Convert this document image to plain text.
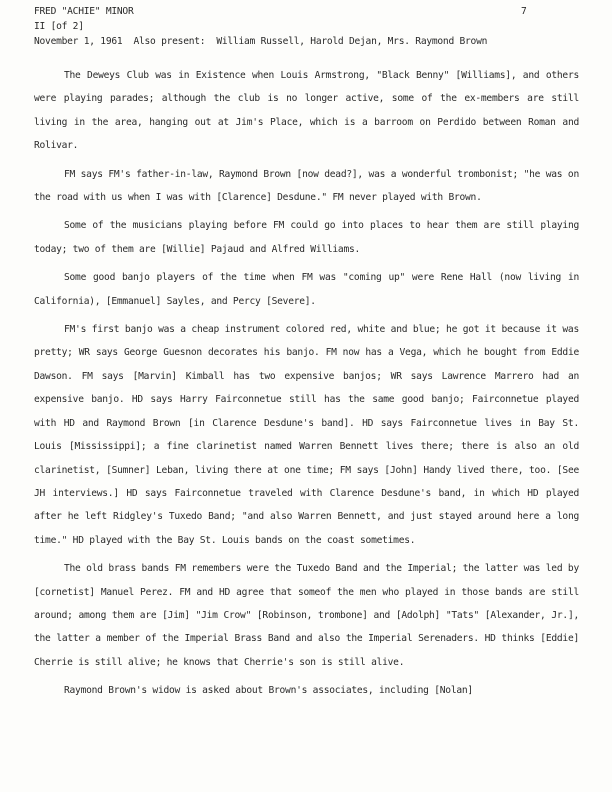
FRED "ACHIE" MINOR	7
II [of 2]
November 1, 1961  Also present:  William Russell, Harold Dejan, Mrs. Raymond Brown

The Deweys Club was in Existence when Louis Armstrong, "Black Benny" [Williams], and others were playing parades; although the club is no longer active, some of the ex-members are still living in the area, hanging out at Jim's Place, which is a barroom on Perdido between Roman and Rolivar.

FM says FM's father-in-law, Raymond Brown [now dead?], was a wonderful trombonist; "he was on the road with us when I was with [Clarence] Desdune." FM never played with Brown.

Some of the musicians playing before FM could go into places to hear them are still playing today; two of them are [Willie] Pajaud and Alfred Williams.

Some good banjo players of the time when FM was "coming up" were Rene Hall (now living in California), [Emmanuel] Sayles, and Percy [Severe].

FM's first banjo was a cheap instrument colored red, white and blue; he got it because it was pretty; WR says George Guesnon decorates his banjo. FM now has a Vega, which he bought from Eddie Dawson. FM says [Marvin] Kimball has two expensive banjos; WR says Lawrence Marrero had an expensive banjo. HD says Harry Fairconnetue still has the same good banjo; Fairconnetue played with HD and Raymond Brown [in Clarence Desdune's band]. HD says Fairconnetue lives in Bay St. Louis [Mississippi]; a fine clarinetist named Warren Bennett lives there; there is also an old clarinetist, [Sumner] Leban, living there at one time; FM says [John] Handy lived there, too. [See JH interviews.] HD says Fairconnetue traveled with Clarence Desdune's band, in which HD played after he left Ridgley's Tuxedo Band; "and also Warren Bennett, and just stayed around here a long time." HD played with the Bay St. Louis bands on the coast sometimes.

The old brass bands FM remembers were the Tuxedo Band and the Imperial; the latter was led by [cornetist] Manuel Perez. FM and HD agree that someof the men who played in those bands are still around; among them are [Jim] "Jim Crow" [Robinson, trombone] and [Adolph] "Tats" [Alexander, Jr.], the latter a member of the Imperial Brass Band and also the Imperial Serenaders. HD thinks [Eddie] Cherrie is still alive; he knows that Cherrie's son is still alive.

Raymond Brown's widow is asked about Brown's associates, including [Nolan]
